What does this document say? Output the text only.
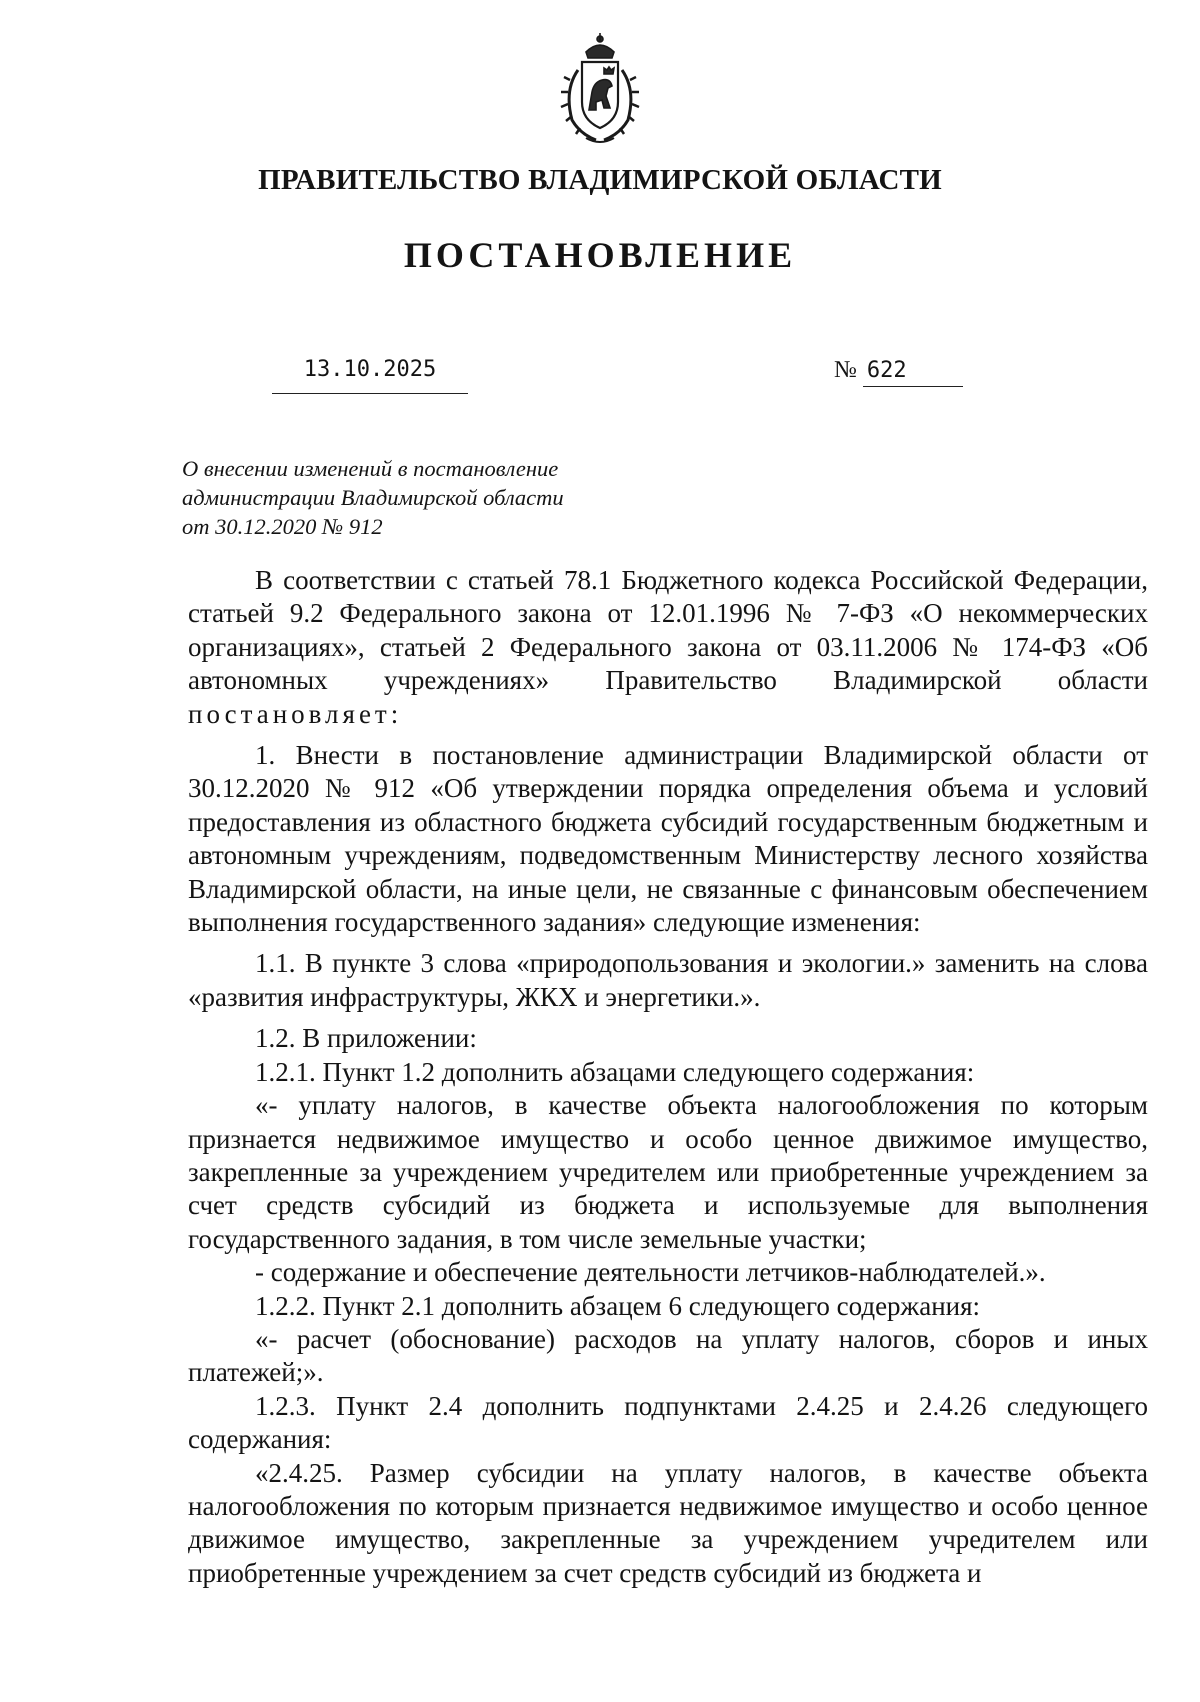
ПРАВИТЕЛЬСТВО ВЛАДИМИРСКОЙ ОБЛАСТИ
ПОСТАНОВЛЕНИЕ
13.10.2025	№ 622
О внесении изменений в постановление
администрации Владимирской области
от 30.12.2020 № 912

В соответствии с статьей 78.1 Бюджетного кодекса Российской Федерации, статьей 9.2 Федерального закона от 12.01.1996 № 7-ФЗ «О некоммерческих организациях», статьей 2 Федерального закона от 03.11.2006 № 174-ФЗ «Об автономных учреждениях» Правительство Владимирской области постановляет:

1. Внести в постановление администрации Владимирской области от 30.12.2020 № 912 «Об утверждении порядка определения объема и условий предоставления из областного бюджета субсидий государственным бюджетным и автономным учреждениям, подведомственным Министерству лесного хозяйства Владимирской области, на иные цели, не связанные с финансовым обеспечением выполнения государственного задания» следующие изменения:

1.1. В пункте 3 слова «природопользования и экологии.» заменить на слова «развития инфраструктуры, ЖКХ и энергетики.».

1.2. В приложении:

1.2.1. Пункт 1.2 дополнить абзацами следующего содержания:

«- уплату налогов, в качестве объекта налогообложения по которым признается недвижимое имущество и особо ценное движимое имущество, закрепленные за учреждением учредителем или приобретенные учреждением за счет средств субсидий из бюджета и используемые для выполнения государственного задания, в том числе земельные участки;

- содержание и обеспечение деятельности летчиков-наблюдателей.».

1.2.2. Пункт 2.1 дополнить абзацем 6 следующего содержания:

«- расчет (обоснование) расходов на уплату налогов, сборов и иных платежей;».

1.2.3. Пункт 2.4 дополнить подпунктами 2.4.25 и 2.4.26 следующего содержания:

«2.4.25. Размер субсидии на уплату налогов, в качестве объекта налогообложения по которым признается недвижимое имущество и особо ценное движимое имущество, закрепленные за учреждением учредителем или приобретенные учреждением за счет средств субсидий из бюджета и
